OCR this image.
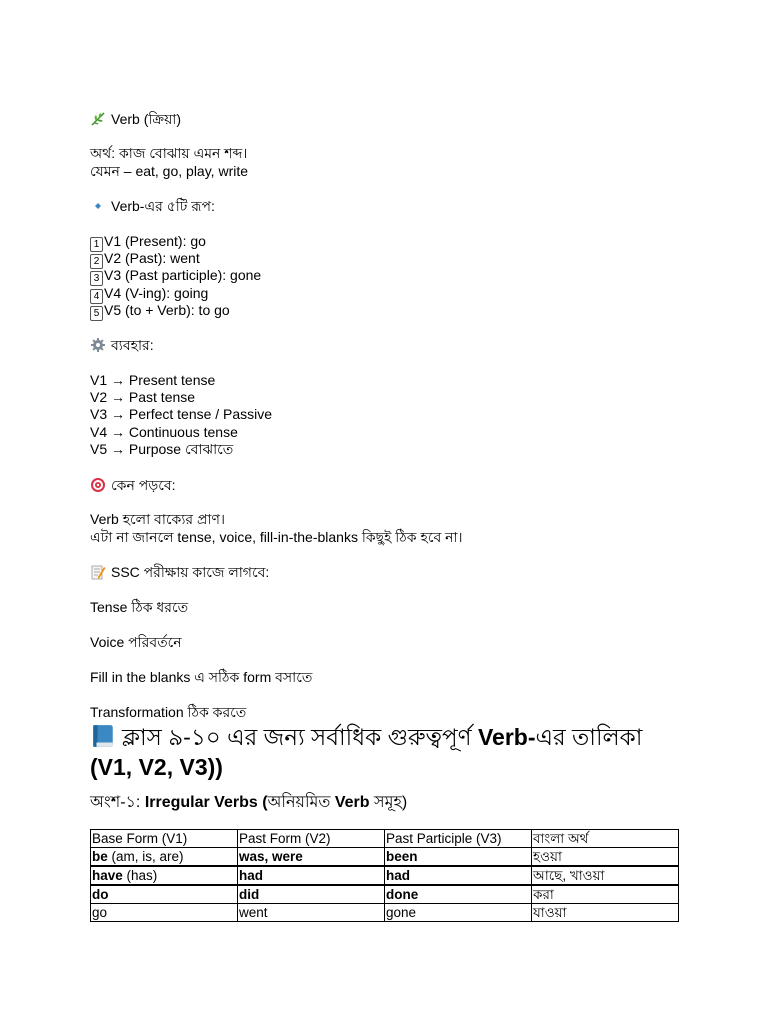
Verb (ক্রিয়া)
অর্থ: কাজ বোঝায় এমন শব্দ।
যেমন – eat, go, play, write
Verb-এর ৫টি রূপ:
1 V1 (Present): go
2 V2 (Past): went
3 V3 (Past participle): gone
4 V4 (V-ing): going
5 V5 (to + Verb): to go
ব্যবহার:
V1 → Present tense
V2 → Past tense
V3 → Perfect tense / Passive
V4 → Continuous tense
V5 → Purpose বোঝাতে
কেন পড়বে:
Verb হলো বাক্যের প্রাণ।
এটা না জানলে tense, voice, fill-in-the-blanks কিছুই ঠিক হবে না।
SSC পরীক্ষায় কাজে লাগবে:
Tense ঠিক ধরতে
Voice পরিবর্তনে
Fill in the blanks এ সঠিক form বসাতে
Transformation ঠিক করতে
ক্লাস ৯-১০ এর জন্য সর্বাধিক গুরুত্বপূর্ণ Verb-এর তালিকা (V1, V2, V3))
অংশ-১: Irregular Verbs (অনিয়মিত Verb সমূহ)
Base Form (V1)	Past Form (V2)	Past Participle (V3)	বাংলা অর্থ
be (am, is, are)	was, were	been	হওয়া
have (has)	had	had	আছে, খাওয়া
do	did	done	করা
go	went	gone	যাওয়া
